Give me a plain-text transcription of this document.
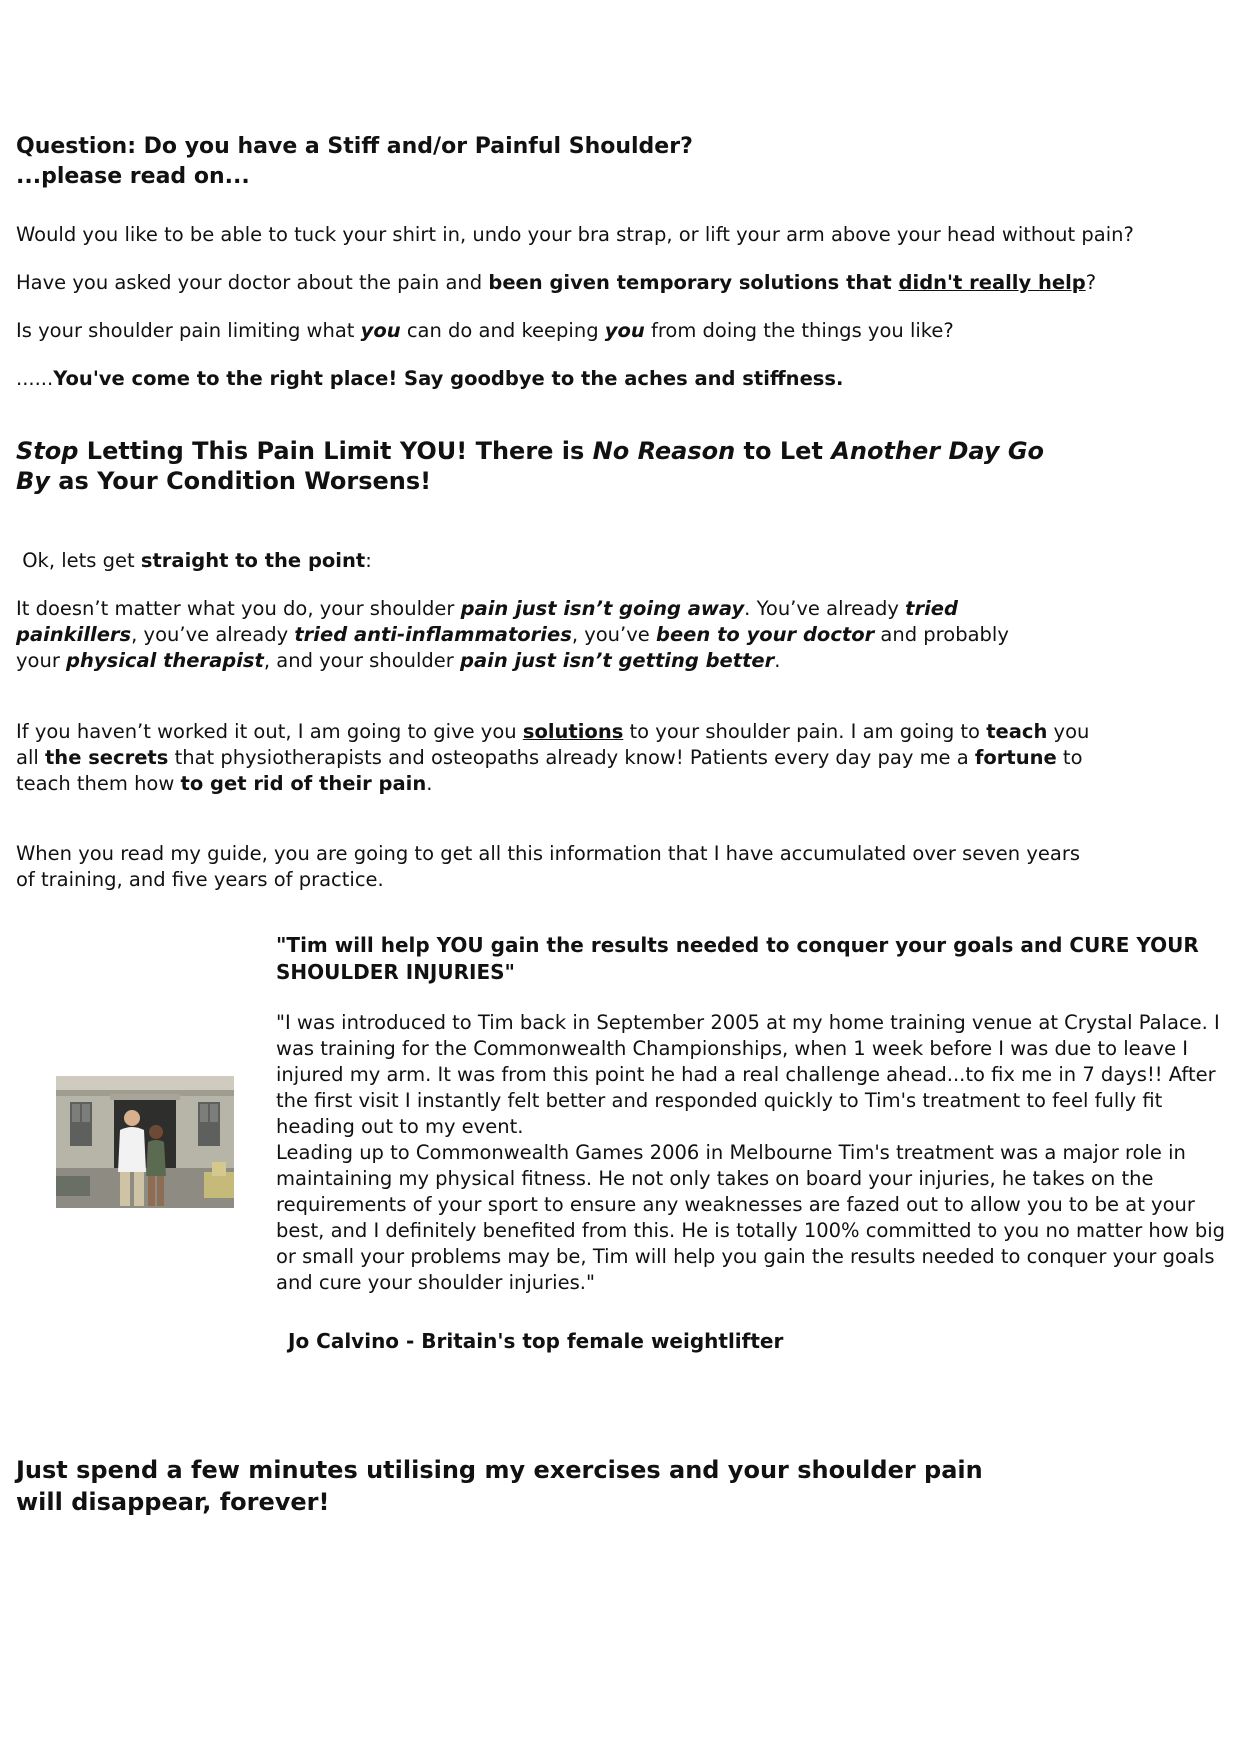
Question: Do you have a Stiff and/or Painful Shoulder?
...please read on...

Would you like to be able to tuck your shirt in, undo your bra strap, or lift your arm above your head without pain?

Have you asked your doctor about the pain and been given temporary solutions that didn't really help?

Is your shoulder pain limiting what you can do and keeping you from doing the things you like?

......You've come to the right place! Say goodbye to the aches and stiffness.

Stop Letting This Pain Limit YOU! There is No Reason to Let Another Day Go By as Your Condition Worsens!

Ok, lets get straight to the point:

It doesn’t matter what you do, your shoulder pain just isn’t going away. You’ve already tried painkillers, you’ve already tried anti-inflammatories, you’ve been to your doctor and probably your physical therapist, and your shoulder pain just isn’t getting better.

If you haven’t worked it out, I am going to give you solutions to your shoulder pain. I am going to teach you all the secrets that physiotherapists and osteopaths already know! Patients every day pay me a fortune to teach them how to get rid of their pain.

When you read my guide, you are going to get all this information that I have accumulated over seven years of training, and five years of practice.

"Tim will help YOU gain the results needed to conquer your goals and CURE YOUR SHOULDER INJURIES"

"I was introduced to Tim back in September 2005 at my home training venue at Crystal Palace. I was training for the Commonwealth Championships, when 1 week before I was due to leave I injured my arm. It was from this point he had a real challenge ahead...to fix me in 7 days!! After the first visit I instantly felt better and responded quickly to Tim's treatment to feel fully fit heading out to my event.
Leading up to Commonwealth Games 2006 in Melbourne Tim's treatment was a major role in maintaining my physical fitness. He not only takes on board your injuries, he takes on the requirements of your sport to ensure any weaknesses are fazed out to allow you to be at your best, and I definitely benefited from this. He is totally 100% committed to you no matter how big or small your problems may be, Tim will help you gain the results needed to conquer your goals and cure your shoulder injuries."

Jo Calvino - Britain's top female weightlifter

Just spend a few minutes utilising my exercises and your shoulder pain will disappear, forever!
